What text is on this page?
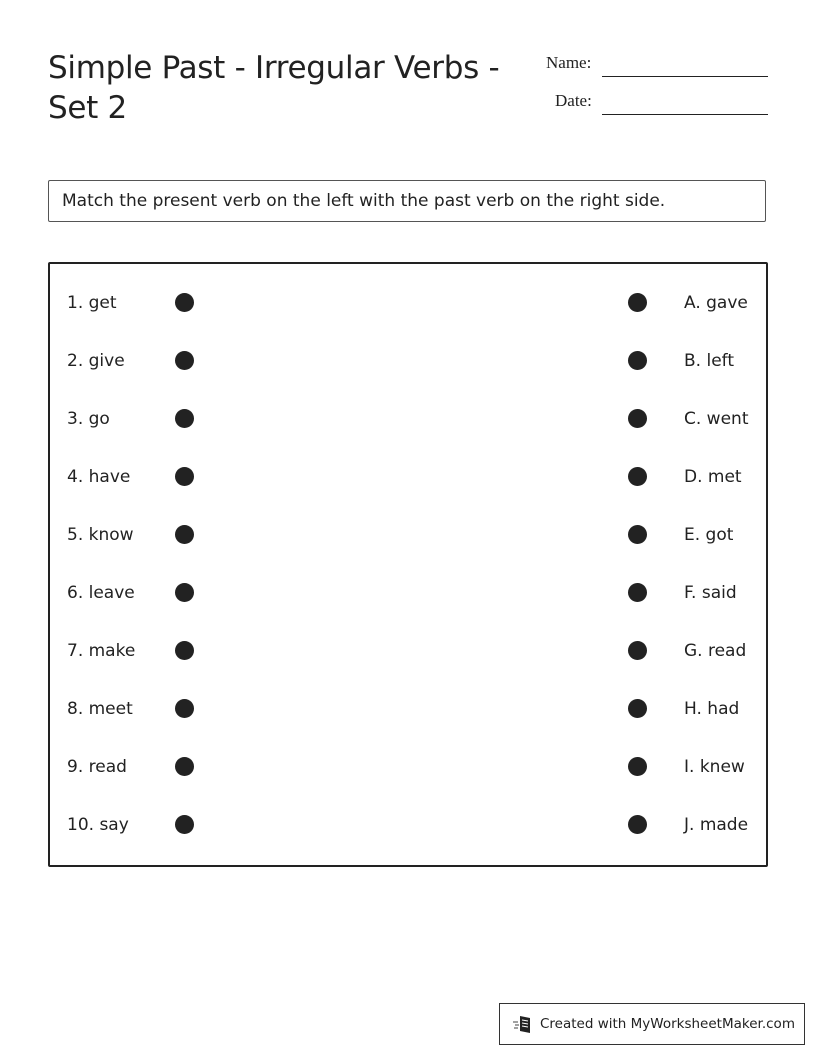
Simple Past - Irregular Verbs - Set 2
Name:
Date:
Match the present verb on the left with the past verb on the right side.
1. get	A. gave
2. give	B. left
3. go	C. went
4. have	D. met
5. know	E. got
6. leave	F. said
7. make	G. read
8. meet	H. had
9. read	I. knew
10. say	J. made
Created with MyWorksheetMaker.com
